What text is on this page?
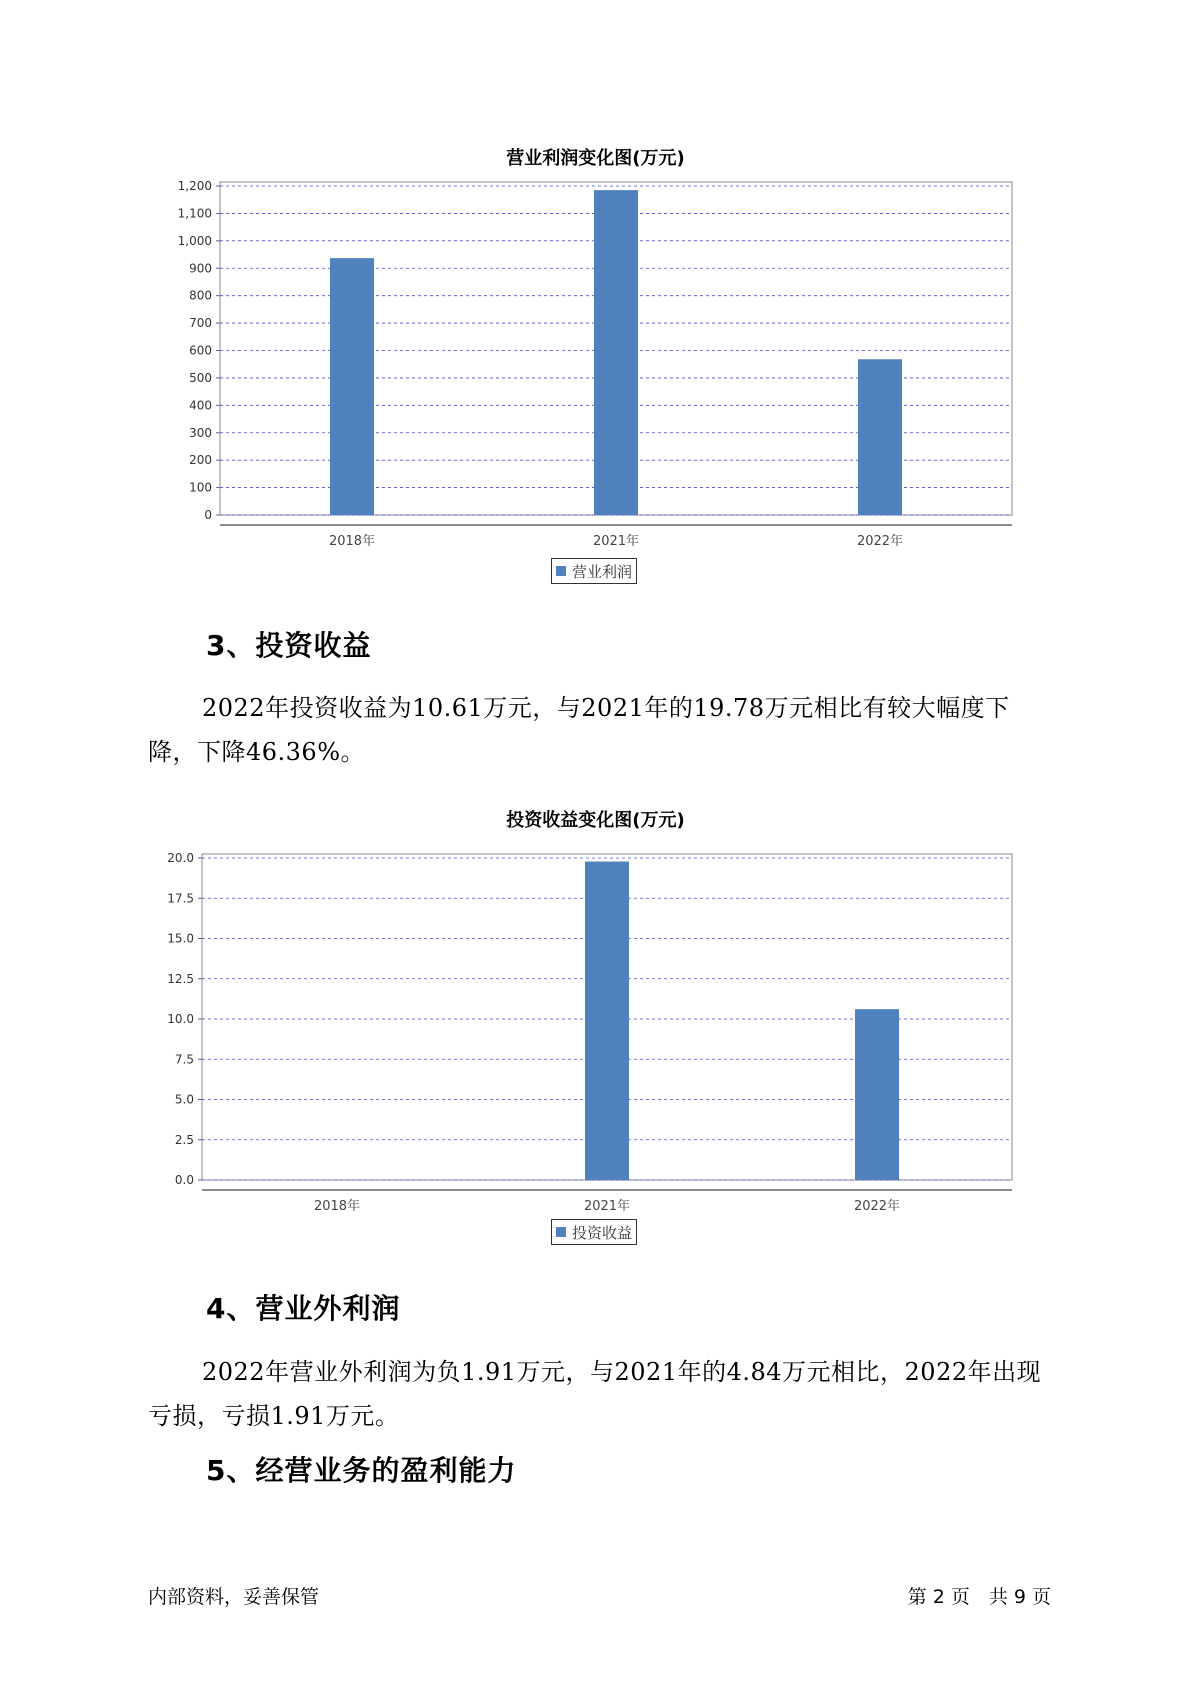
营业利润变化图(万元)
0
100
200
300
400
500
600
700
800
900
1,000
1,100
1,200
2018年	2021年	2022年
营业利润
3、投资收益
2022年投资收益为10.61万元，与2021年的19.78万元相比有较大幅度下降，下降46.36%。
投资收益变化图(万元)
0.0
2.5
5.0
7.5
10.0
12.5
15.0
17.5
20.0
2018年	2021年	2022年
投资收益
4、营业外利润
2022年营业外利润为负1.91万元，与2021年的4.84万元相比，2022年出现亏损，亏损1.91万元。
5、经营业务的盈利能力
内部资料，妥善保管	第 2 页　共 9 页
